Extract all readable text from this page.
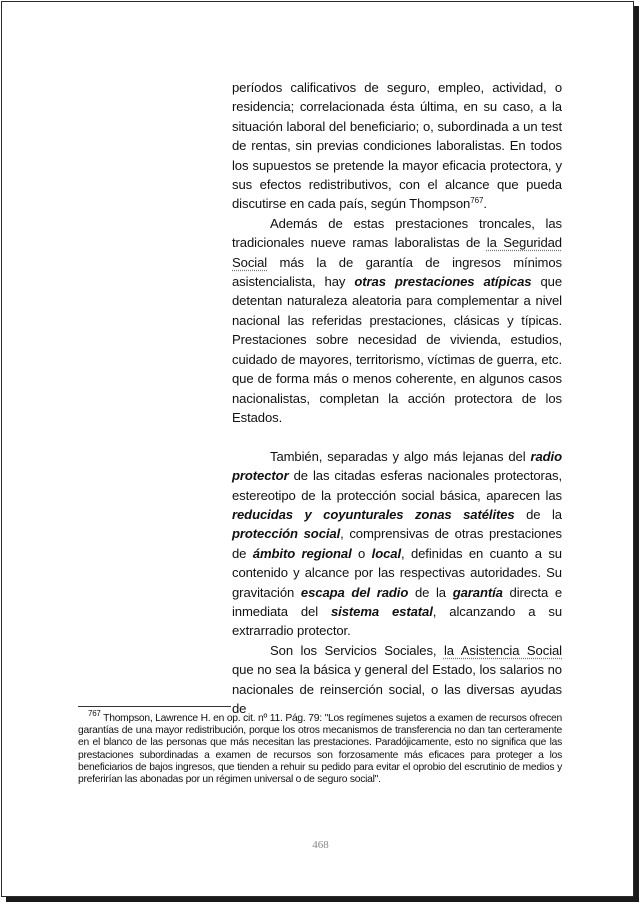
períodos calificativos de seguro, empleo, actividad, o residencia; correlacionada ésta última, en su caso, a la situación laboral del beneficiario; o, subordinada a un test de rentas, sin previas condiciones laboralistas. En todos los supuestos se pretende la mayor eficacia protectora, y sus efectos redistributivos, con el alcance que pueda discutirse en cada país, según Thompson$^{767}$.

Además de estas prestaciones troncales, las tradicionales nueve ramas laboralistas de la Seguridad Social más la de garantía de ingresos mínimos asistencialista, hay otras prestaciones atípicas que detentan naturaleza aleatoria para complementar a nivel nacional las referidas prestaciones, clásicas y típicas. Prestaciones sobre necesidad de vivienda, estudios, cuidado de mayores, territorismo, víctimas de guerra, etc. que de forma más o menos coherente, en algunos casos nacionalistas, completan la acción protectora de los Estados.

También, separadas y algo más lejanas del radio protector de las citadas esferas nacionales protectoras, estereotipo de la protección social básica, aparecen las reducidas y coyunturales zonas satélites de la protección social, comprensivas de otras prestaciones de ámbito regional o local, definidas en cuanto a su contenido y alcance por las respectivas autoridades. Su gravitación escapa del radio de la garantía directa e inmediata del sistema estatal, alcanzando a su extrarradio protector.

Son los Servicios Sociales, la Asistencia Social que no sea la básica y general del Estado, los salarios no nacionales de reinserción social, o las diversas ayudas de

$^{767}$ Thompson, Lawrence H. en op. cit. nº 11. Pág. 79: "Los regímenes sujetos a examen de recursos ofrecen garantías de una mayor redistribución, porque los otros mecanismos de transferencia no dan tan certeramente en el blanco de las personas que más necesitan las prestaciones. Paradójicamente, esto no significa que las prestaciones subordinadas a examen de recursos son forzosamente más eficaces para proteger a los beneficiarios de bajos ingresos, que tienden a rehuir su pedido para evitar el oprobio del escrutinio de medios y preferirían las abonadas por un régimen universal o de seguro social".
468
